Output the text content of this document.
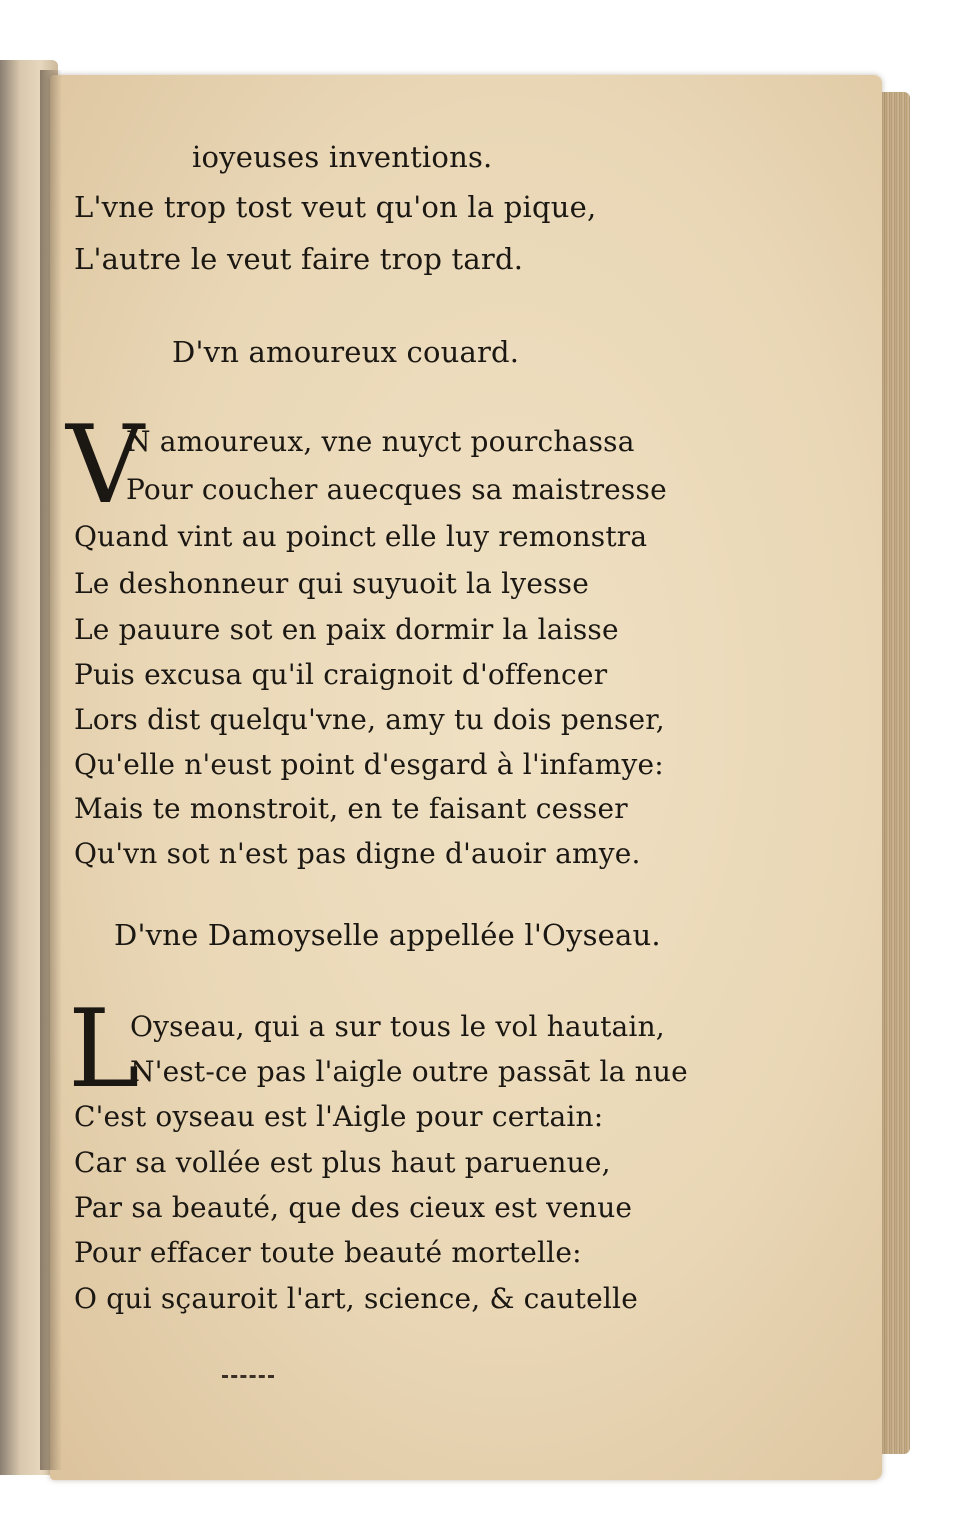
ioyeuses inventions.
L'vne trop tost veut qu'on la pique,
L'autre le veut faire trop tard.
D'vn amoureux couard.
V
N amoureux, vne nuyct pourchassa
Pour coucher auecques sa maistresse
Quand vint au poinct elle luy remonstra
Le deshonneur qui suyuoit la lyesse
Le pauure sot en paix dormir la laisse
Puis excusa qu'il craignoit d'offencer
Lors dist quelqu'vne, amy tu dois penser,
Qu'elle n'eust point d'esgard à l'infamye:
Mais te monstroit, en te faisant cesser
Qu'vn sot n'est pas digne d'auoir amye.
D'vne Damoyselle appellée l'Oyseau.
L
Oyseau, qui a sur tous le vol hautain,
N'est-ce pas l'aigle outre passāt la nue
C'est oyseau est l'Aigle pour certain:
Car sa vollée est plus haut paruenue,
Par sa beauté, que des cieux est venue
Pour effacer toute beauté mortelle:
O qui sçauroit l'art, science, & cautelle
